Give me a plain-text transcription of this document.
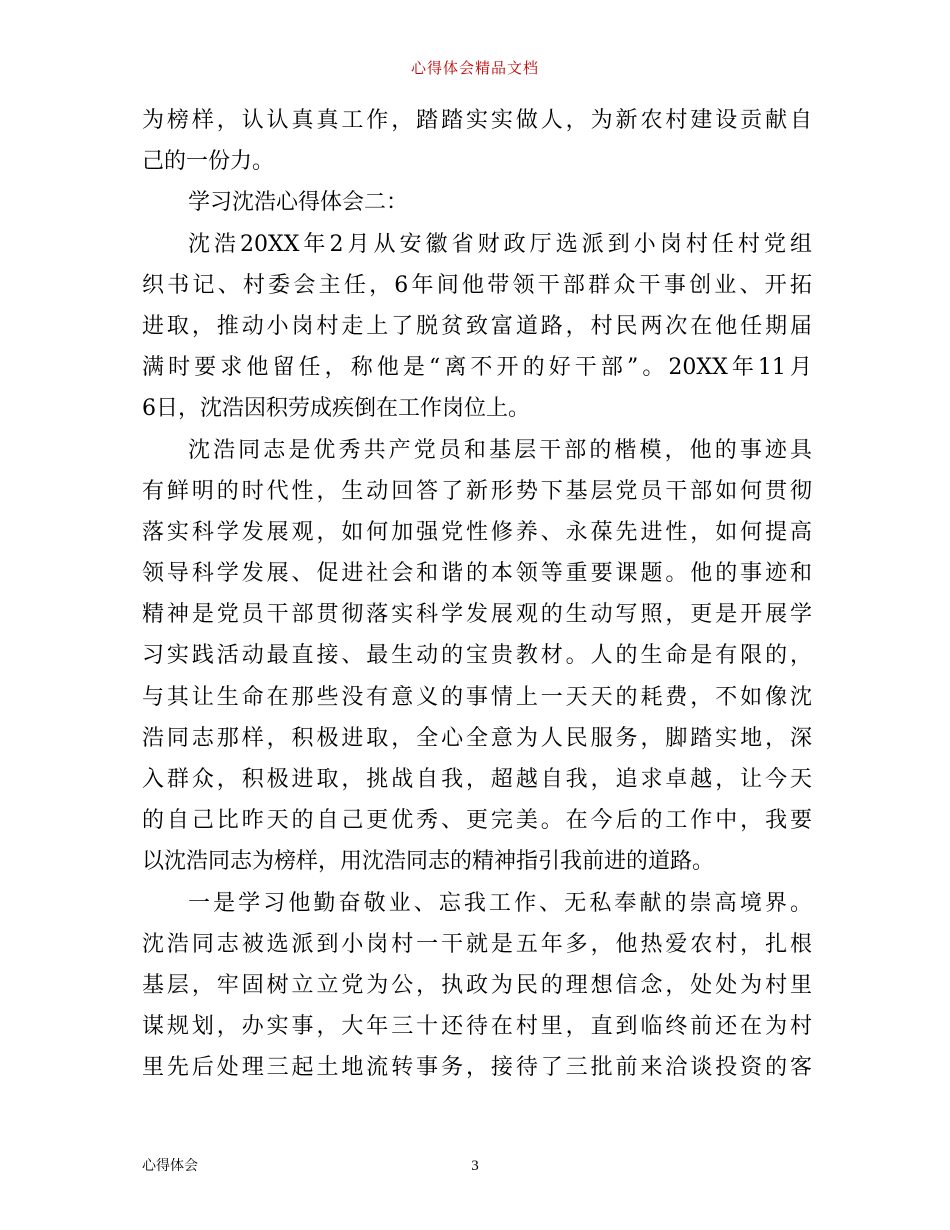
心得体会精品文档
为榜样，认认真真工作，踏踏实实做人，为新农村建设贡献自
己的一份力。
学习沈浩心得体会二：
沈浩20XX年2月从安徽省财政厅选派到小岗村任村党组
织书记、村委会主任，6年间他带领干部群众干事创业、开拓
进取，推动小岗村走上了脱贫致富道路，村民两次在他任期届
满时要求他留任，称他是“离不开的好干部”。20XX年11月
6日，沈浩因积劳成疾倒在工作岗位上。
沈浩同志是优秀共产党员和基层干部的楷模，他的事迹具
有鲜明的时代性，生动回答了新形势下基层党员干部如何贯彻
落实科学发展观，如何加强党性修养、永葆先进性，如何提高
领导科学发展、促进社会和谐的本领等重要课题。他的事迹和
精神是党员干部贯彻落实科学发展观的生动写照，更是开展学
习实践活动最直接、最生动的宝贵教材。人的生命是有限的，
与其让生命在那些没有意义的事情上一天天的耗费，不如像沈
浩同志那样，积极进取，全心全意为人民服务，脚踏实地，深
入群众，积极进取，挑战自我，超越自我，追求卓越，让今天
的自己比昨天的自己更优秀、更完美。在今后的工作中，我要
以沈浩同志为榜样，用沈浩同志的精神指引我前进的道路。
一是学习他勤奋敬业、忘我工作、无私奉献的崇高境界。
沈浩同志被选派到小岗村一干就是五年多，他热爱农村，扎根
基层，牢固树立立党为公，执政为民的理想信念，处处为村里
谋规划，办实事，大年三十还待在村里，直到临终前还在为村
里先后处理三起土地流转事务，接待了三批前来洽谈投资的客
心得体会	3
